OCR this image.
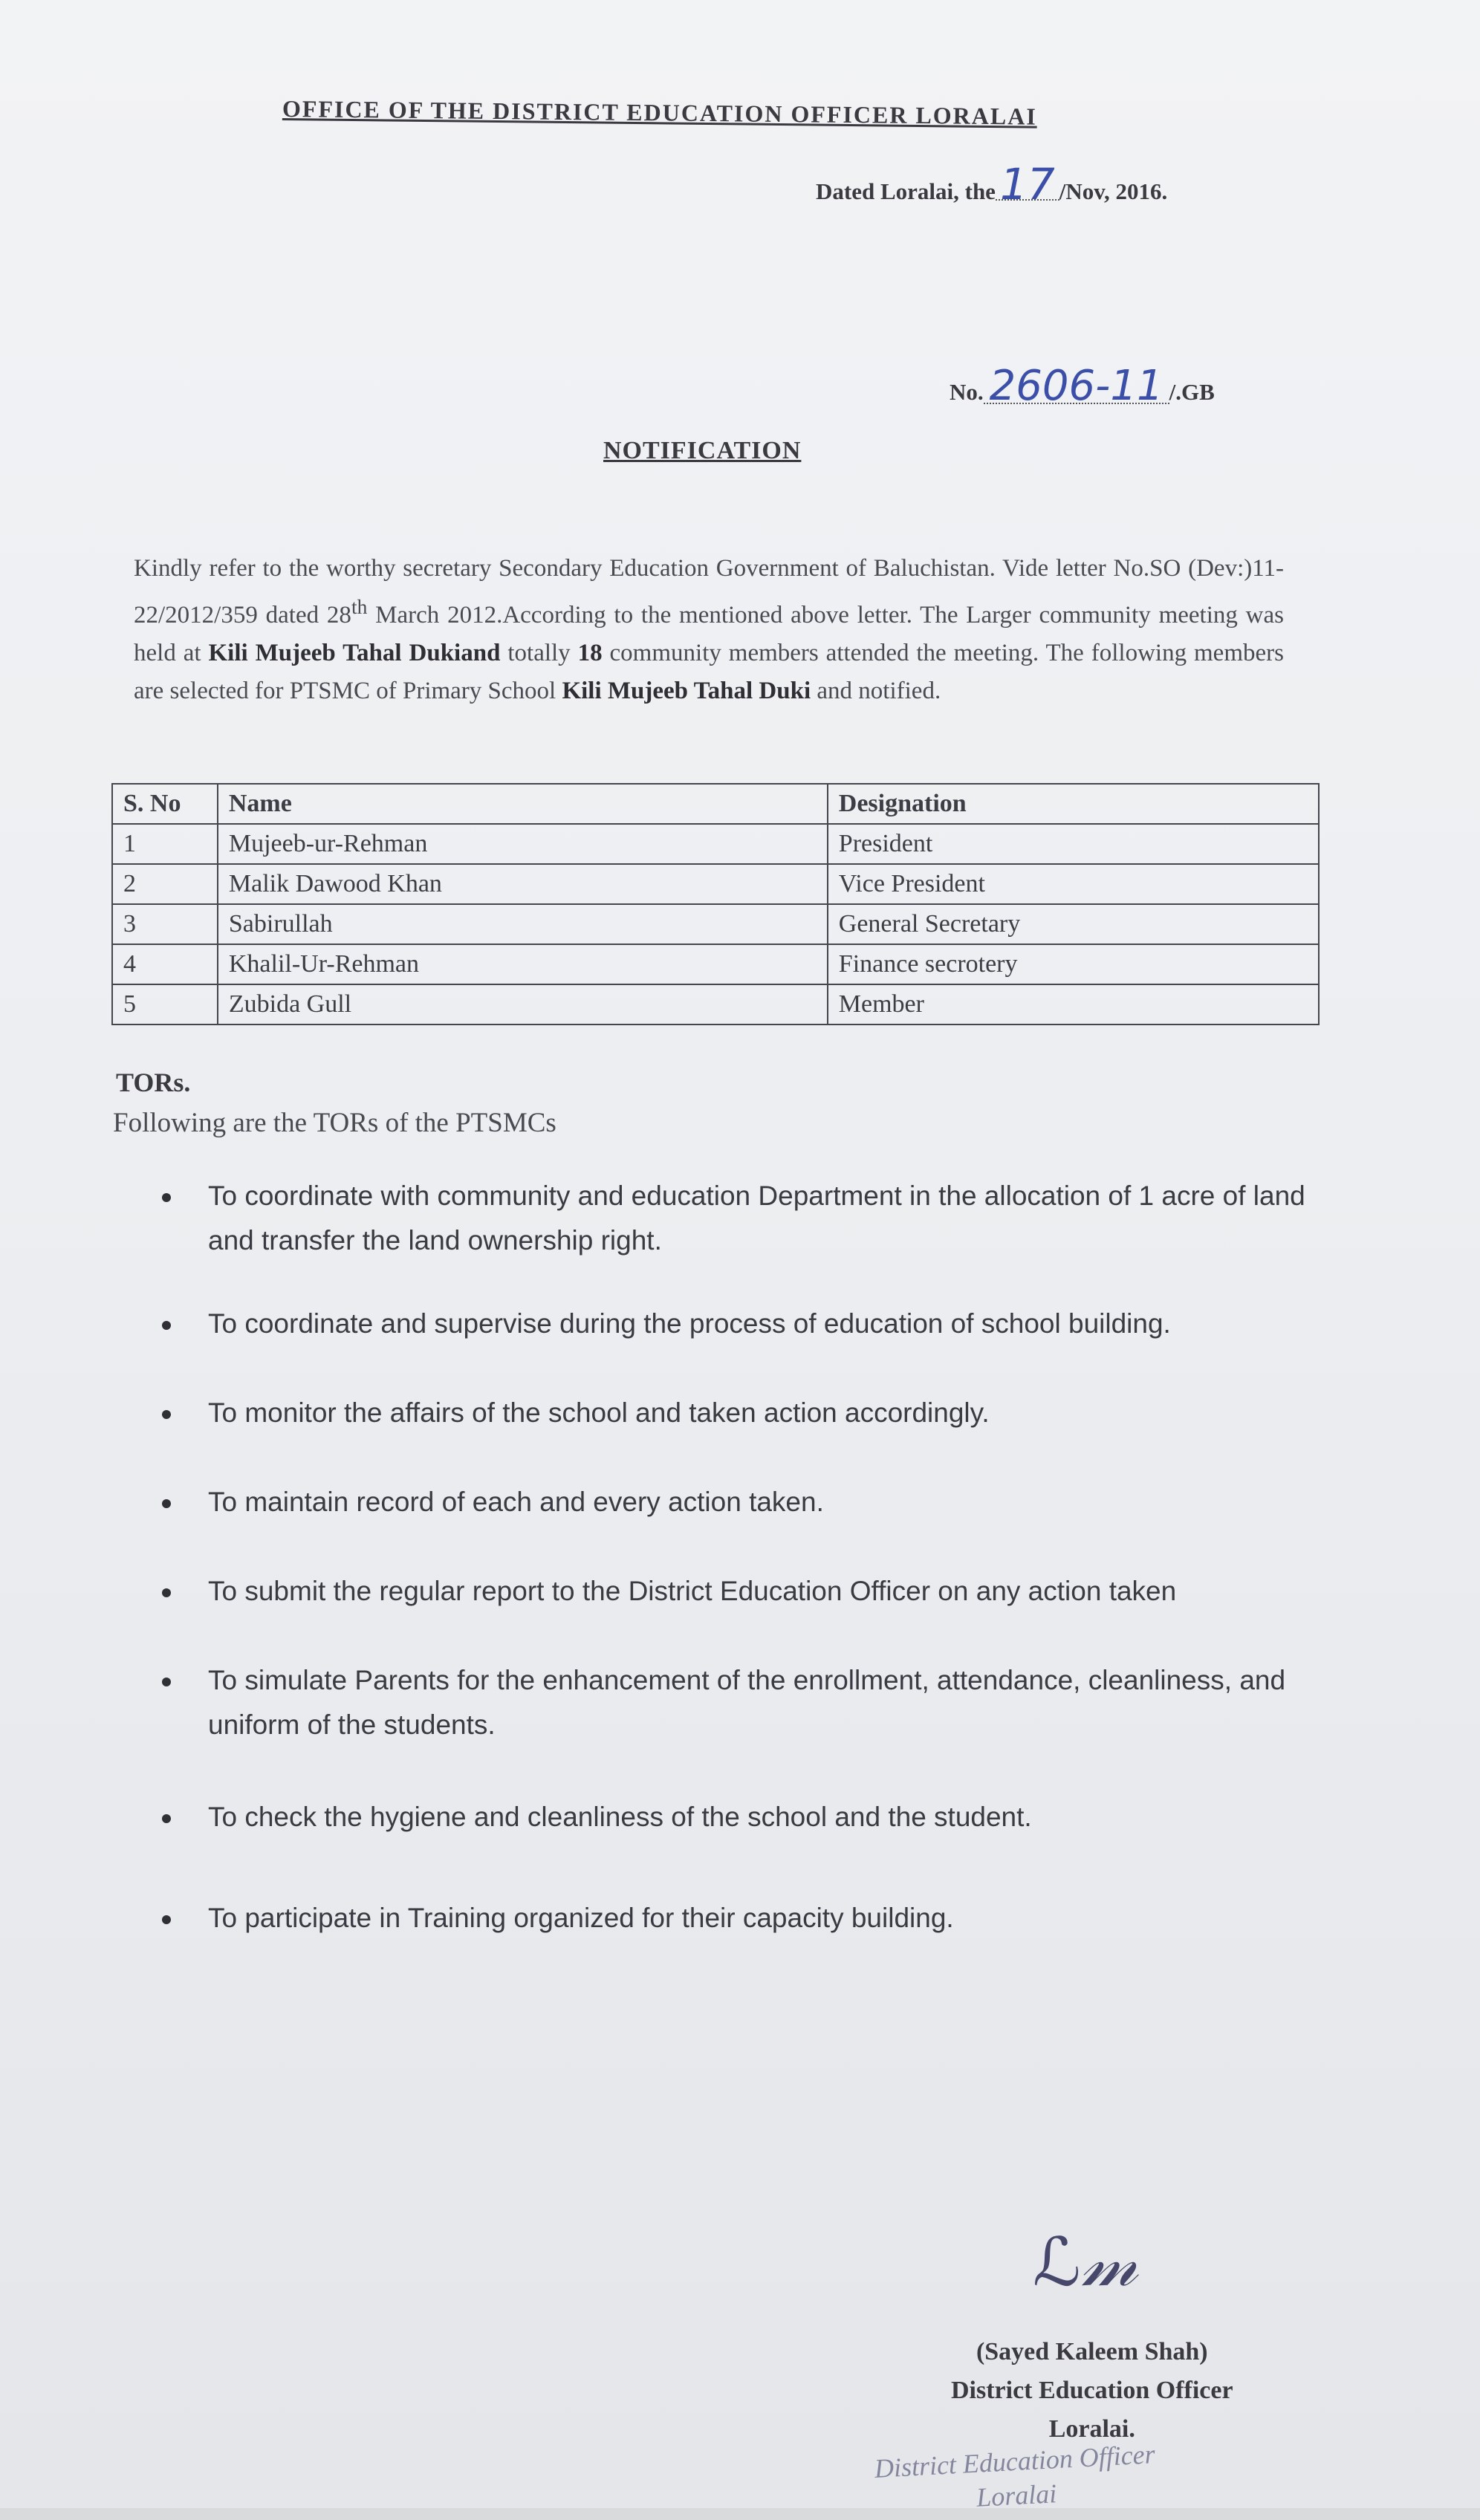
OFFICE OF THE DISTRICT EDUCATION OFFICER LORALAI
Dated Loralai, the 17 /Nov, 2016.
No. 2606-11 /.GB
NOTIFICATION
Kindly refer to the worthy secretary Secondary Education Government of Baluchistan. Vide letter No.SO (Dev:)11-22/2012/359 dated 28th March 2012.According to the mentioned above letter. The Larger community meeting was held at Kili Mujeeb Tahal Dukiand totally 18 community members attended the meeting. The following members are selected for PTSMC of Primary School Kili Mujeeb Tahal Duki and notified.
S. No	Name		Designation
1	Mujeeb-ur-Rehman		President
2	Malik Dawood Khan		Vice President
3	Sabirullah		General Secretary
4	Khalil-Ur-Rehman		Finance secrotery
5	Zubida Gull		Member
TORs.
Following are the TORs of the PTSMCs
To coordinate with community and education Department in the allocation of 1 acre of land and transfer the land ownership right.
To coordinate and supervise during the process of education of school building.
To monitor the affairs of the school and taken action accordingly.
To maintain record of each and every action taken.
To submit the regular report to the District Education Officer on any action taken
To simulate Parents for the enhancement of the enrollment, attendance, cleanliness, and uniform of the students.
To check the hygiene and cleanliness of the school and the student.
To participate in Training organized for their capacity building.
ℒ𝓂
(Sayed Kaleem Shah)
District Education Officer
Loralai.
District Education Officer
Loralai
